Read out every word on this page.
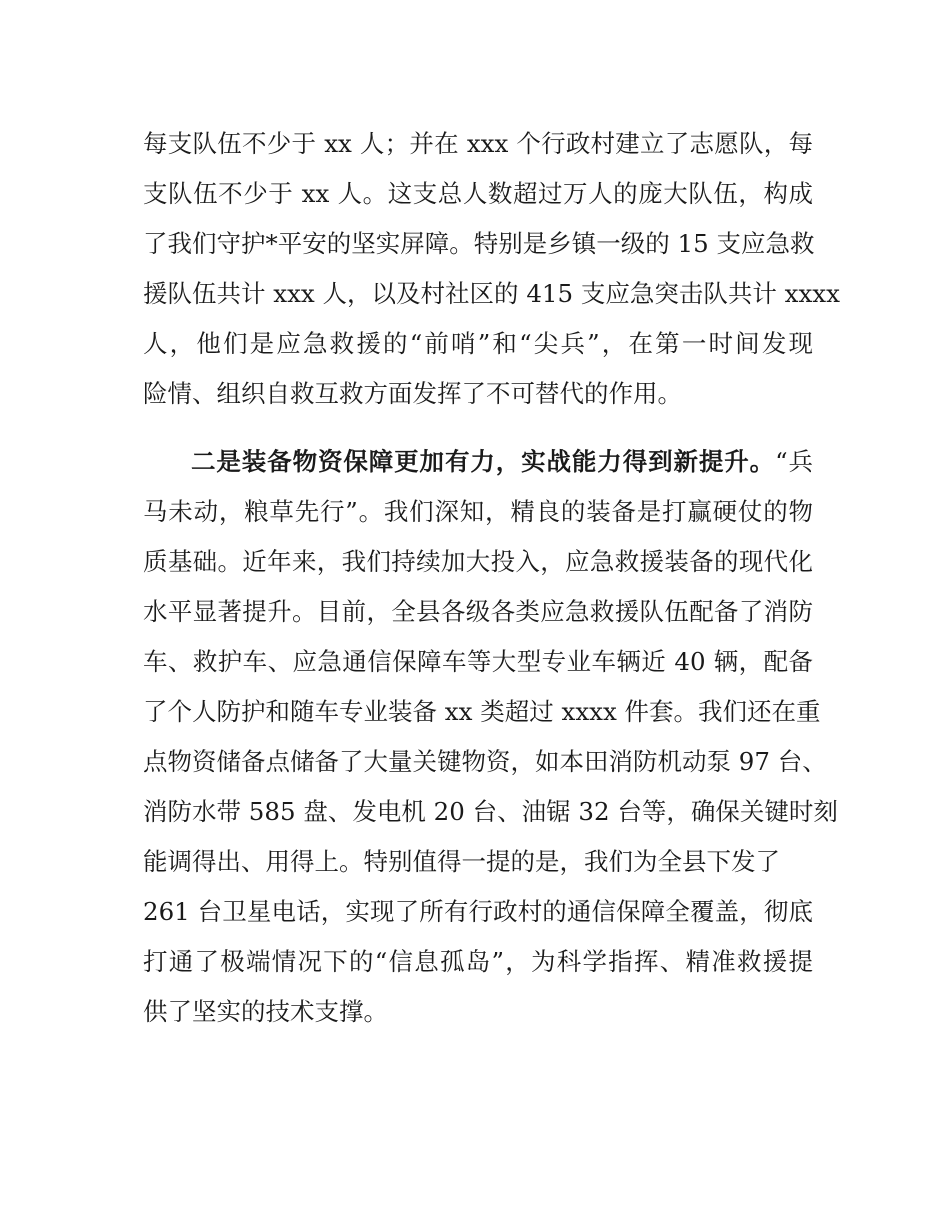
每支队伍不少于 xx 人；并在 xxx 个行政村建立了志愿队，每

支队伍不少于 xx 人。这支总人数超过万人的庞大队伍，构成

了我们守护*平安的坚实屏障。特别是乡镇一级的 15 支应急救

援队伍共计 xxx 人，以及村社区的 415 支应急突击队共计 xxxx

人，他们是应急救援的“前哨”和“尖兵”，在第一时间发现

险情、组织自救互救方面发挥了不可替代的作用。

二是装备物资保障更加有力，实战能力得到新提升。“兵

马未动，粮草先行”。我们深知，精良的装备是打赢硬仗的物

质基础。近年来，我们持续加大投入，应急救援装备的现代化

水平显著提升。目前，全县各级各类应急救援队伍配备了消防

车、救护车、应急通信保障车等大型专业车辆近 40 辆，配备

了个人防护和随车专业装备 xx 类超过 xxxx 件套。我们还在重

点物资储备点储备了大量关键物资，如本田消防机动泵 97 台、

消防水带 585 盘、发电机 20 台、油锯 32 台等，确保关键时刻

能调得出、用得上。特别值得一提的是，我们为全县下发了

261 台卫星电话，实现了所有行政村的通信保障全覆盖，彻底

打通了极端情况下的“信息孤岛”，为科学指挥、精准救援提

供了坚实的技术支撑。
